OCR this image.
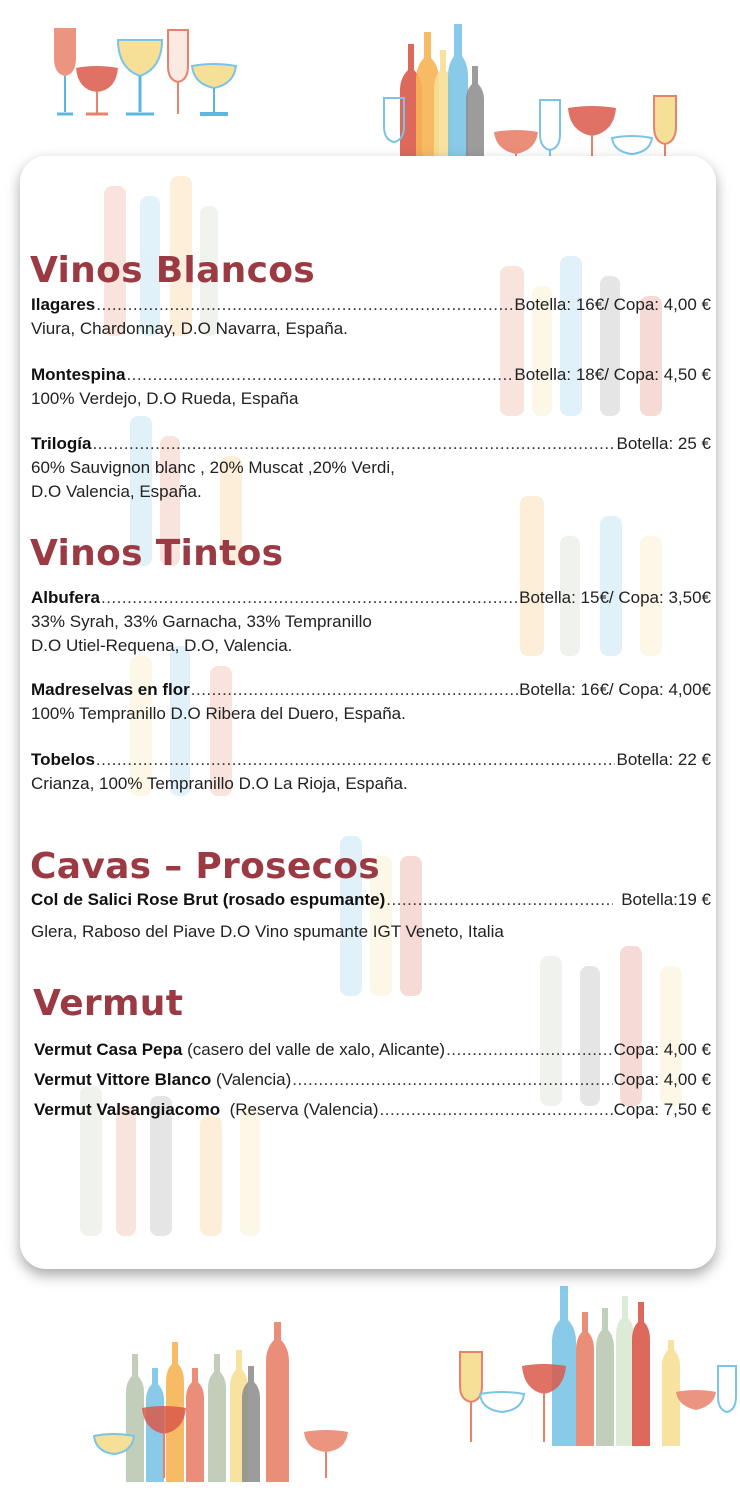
Vinos Blancos
Ilagares .....	Botella: 16€/ Copa: 4,00 €
Viura, Chardonnay, D.O Navarra, España.
Montespina .....	Botella: 18€/ Copa: 4,50 €
100% Verdejo, D.O Rueda, España
Trilogía .....	Botella: 25 €
60% Sauvignon blanc , 20% Muscat ,20% Verdi,
D.O Valencia, España.
Vinos Tintos
Albufera .....	Botella: 15€/ Copa: 3,50€
33% Syrah, 33% Garnacha, 33% Tempranillo
D.O Utiel-Requena, D.O, Valencia.
Madreselvas en flor .....	Botella: 16€/ Copa: 4,00€
100% Tempranillo D.O Ribera del Duero, España.
Tobelos .....	Botella: 22 €
Crianza, 100% Tempranillo D.O La Rioja, España.
Cavas – Prosecos
Col de Salici Rose Brut (rosado espumante) .....	Botella:19 €
Glera, Raboso del Piave D.O Vino spumante IGT Veneto, Italia
Vermut
Vermut Casa Pepa (casero del valle de xalo, Alicante) .....	Copa: 4,00 €
Vermut Vittore Blanco (Valencia) .....	Copa: 4,00 €
Vermut Valsangiacomo (Reserva (Valencia) .....	Copa: 7,50 €
